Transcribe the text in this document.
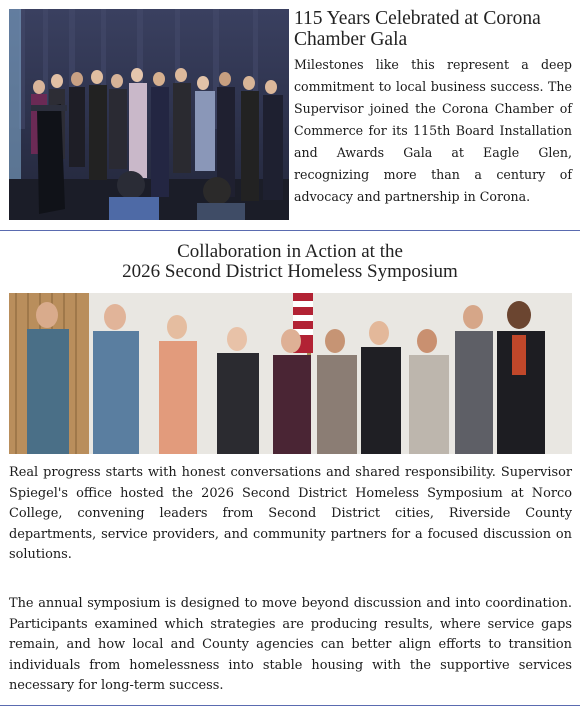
115 Years Celebrated at Corona Chamber Gala

Milestones like this represent a deep commitment to local business success. The Supervisor joined the Corona Chamber of Commerce for its 115th Board Installation and Awards Gala at Eagle Glen, recognizing more than a century of advocacy and partnership in Corona.

Collaboration in Action at the
2026 Second District Homeless Symposium

Real progress starts with honest conversations and shared responsibility. Supervisor Spiegel's office hosted the 2026 Second District Homeless Symposium at Norco College, convening leaders from Second District cities, Riverside County departments, service providers, and community partners for a focused discussion on solutions.

The annual symposium is designed to move beyond discussion and into coordination. Participants examined which strategies are producing results, where service gaps remain, and how local and County agencies can better align efforts to transition individuals from homelessness into stable housing with the supportive services necessary for long-term success.
